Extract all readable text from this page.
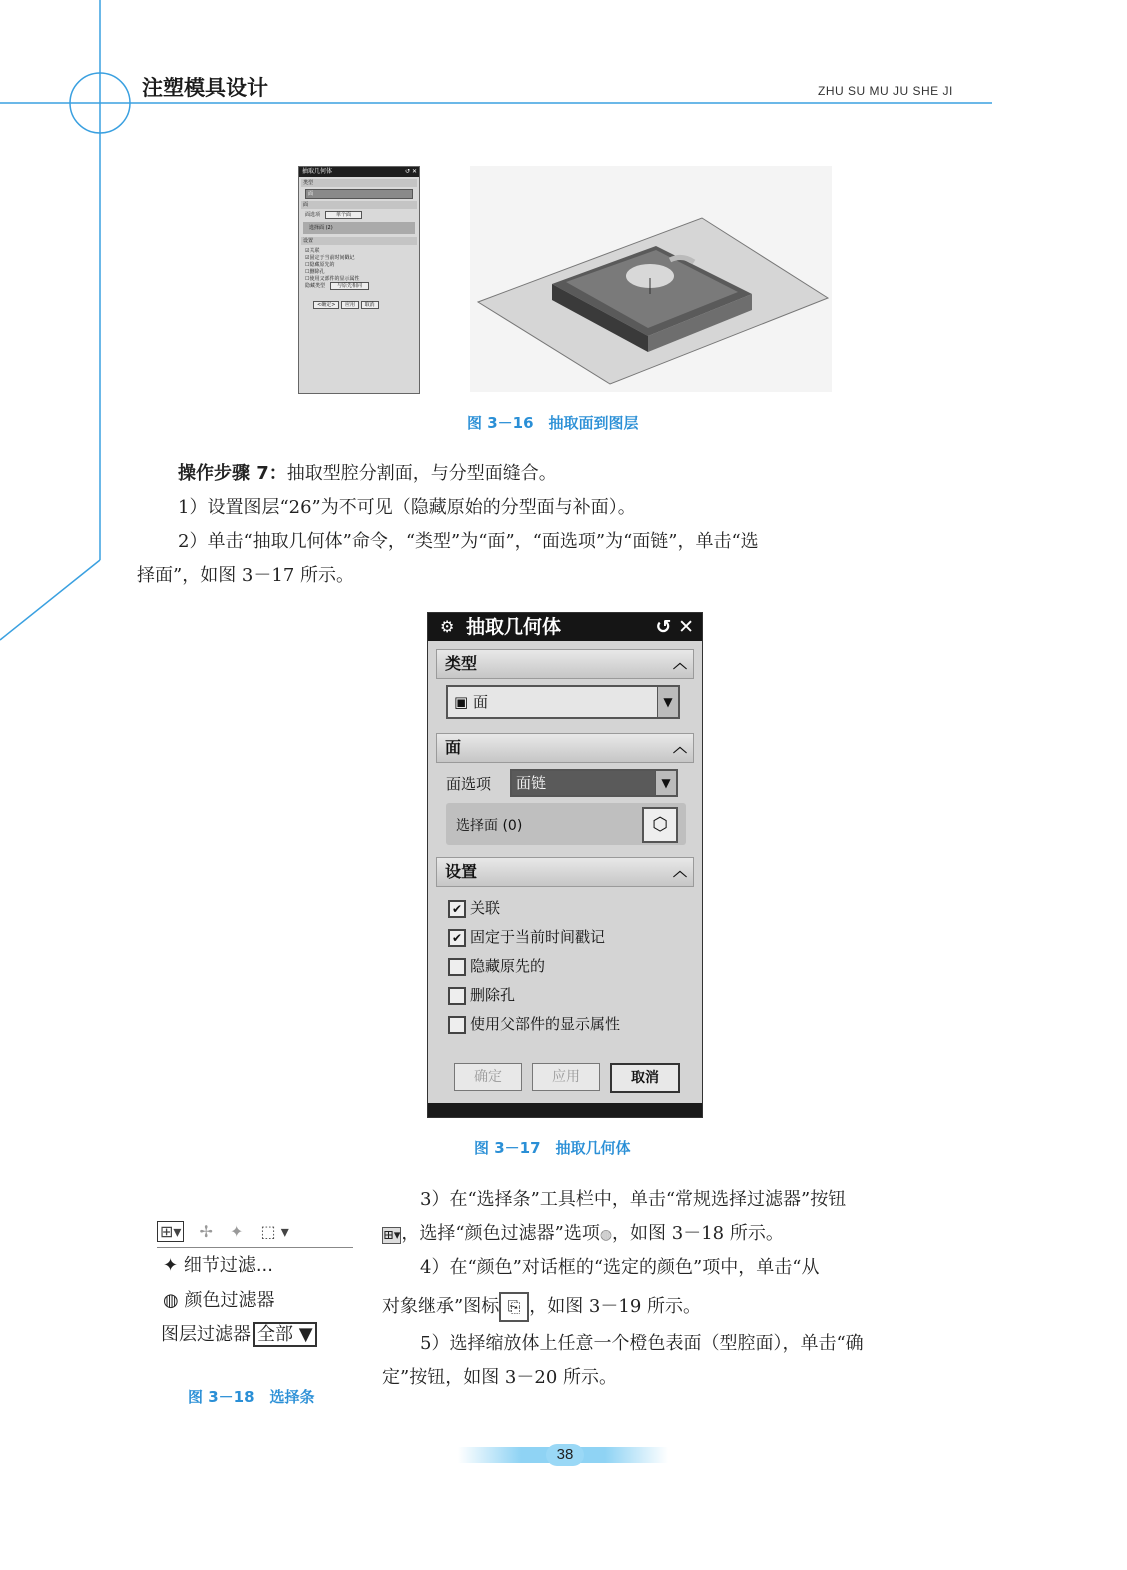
注塑模具设计	ZHU SU MU JU SHE JI
抽取几何体	↺ ✕
类型
面
面
面选项　	单个面
选择面 (2)
设置
☑关联
☑固定于当前时间戳记
☐隐藏原先的
☐删除孔
☐使用父部件的显示属性
隐藏类型　 与原先相同
<确定> 应用 取消
图 3－16　抽取面到图层
操作步骤 7：抽取型腔分割面，与分型面缝合。
1）设置图层“26”为不可见（隐藏原始的分型面与补面）。
2）单击“抽取几何体”命令，“类型”为“面”，“面选项”为“面链”，单击“选
择面”，如图 3－17 所示。
⚙ 抽取几何体	↺ ✕
类型	︿
▣ 面	▼
面	︿
面选项	面链	▼
选择面 (0)	⬡
设置	︿
✔ 关联
✔ 固定于当前时间戳记
隐藏原先的
删除孔
使用父部件的显示属性
确定	应用	取消
图 3－17　抽取几何体
⊞▾ ✢ ✦ ⬚ ▾
✦ 细节过滤...
◍ 颜色过滤器
图层过滤器 全部 ▼
图 3－18　选择条
3）在“选择条”工具栏中，单击“常规选择过滤器”按钮
⊞▾，选择“颜色过滤器”选项◍，如图 3－18 所示。
4）在“颜色”对话框的“选定的颜色”项中，单击“从
对象继承”图标 ⎘ ，如图 3－19 所示。
5）选择缩放体上任意一个橙色表面（型腔面），单击“确
定”按钮，如图 3－20 所示。
38
